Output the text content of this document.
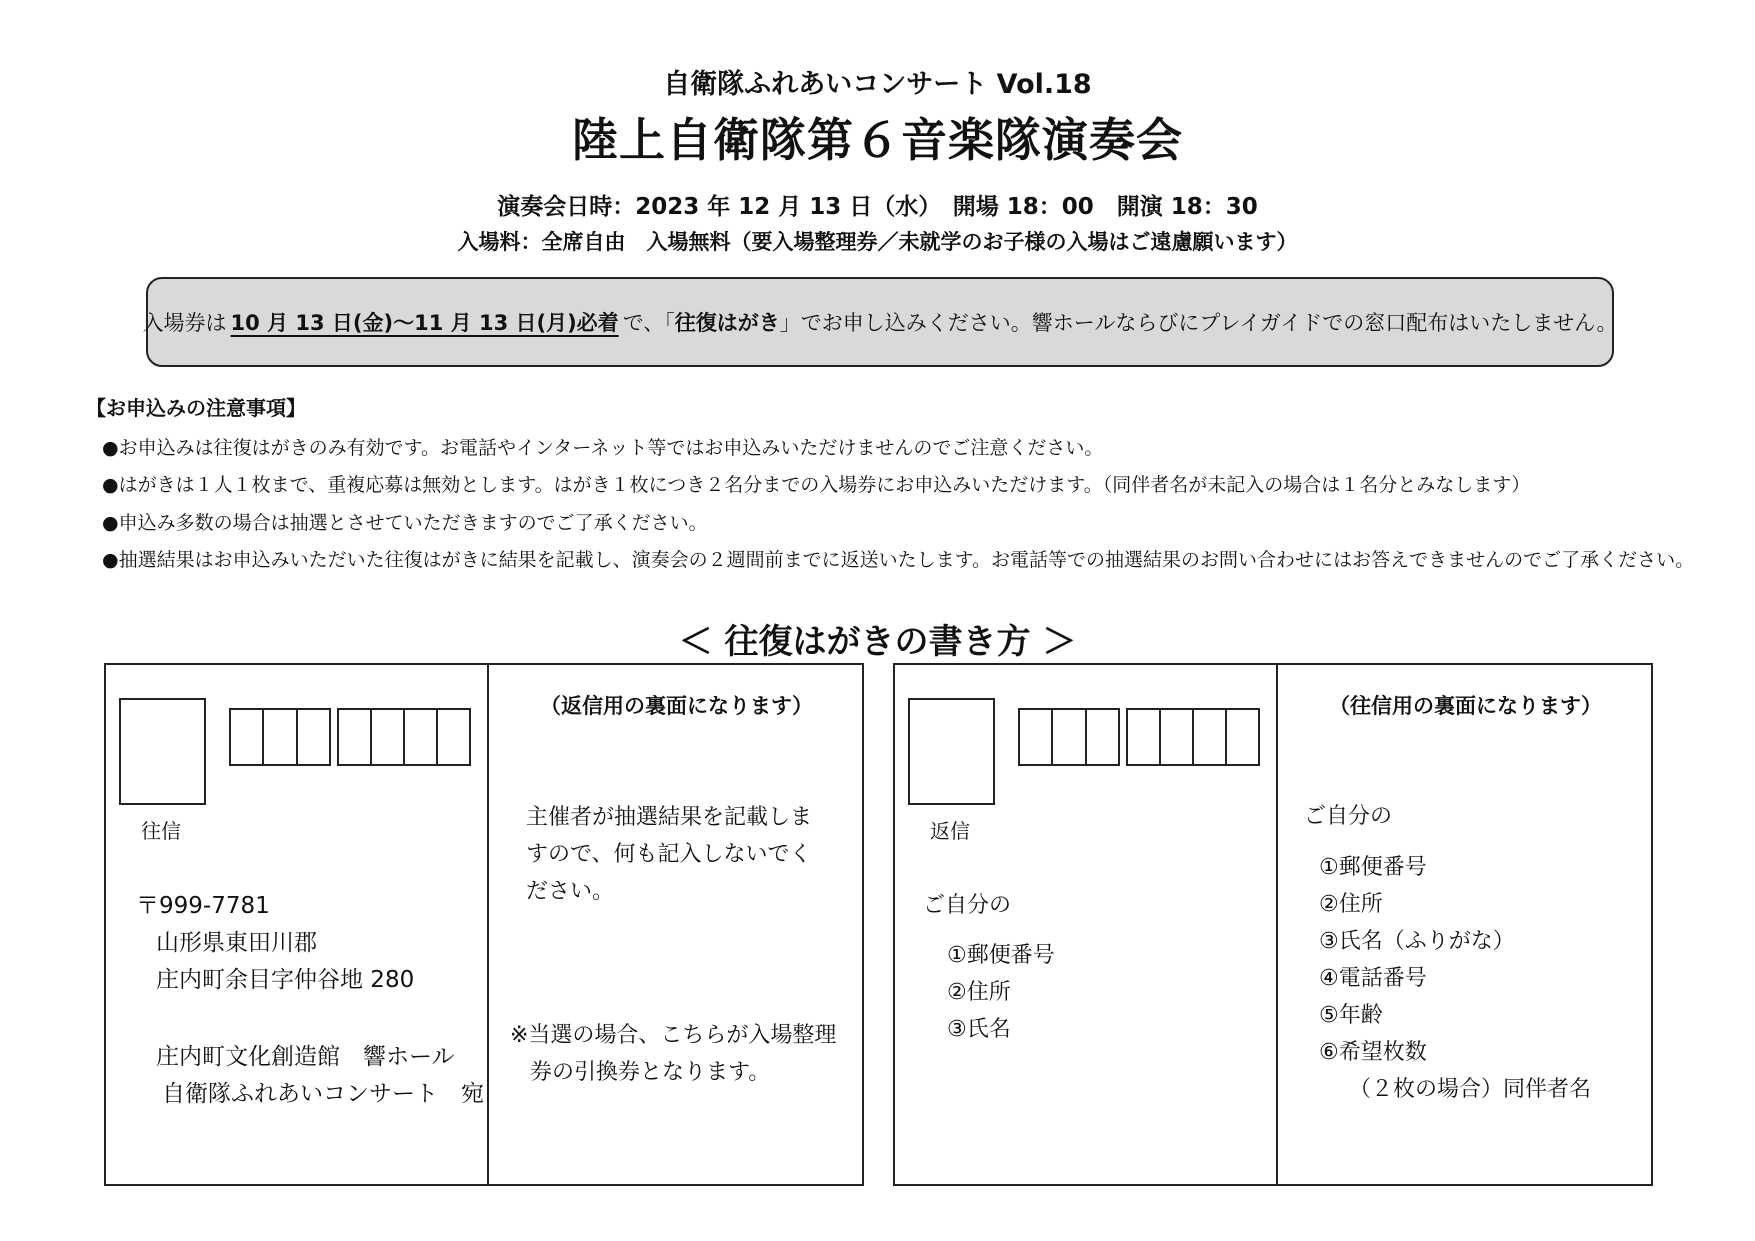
自衛隊ふれあいコンサート Vol.18
陸上自衛隊第６音楽隊演奏会
演奏会日時：2023 年 12 月 13 日（水）　開場 18：00　開演 18：30
入場料：全席自由　入場無料（要入場整理券／未就学のお子様の入場はご遠慮願います）
入場券は 10 月 13 日(金)～11 月 13 日(月)必着 で、「 往復はがき 」でお申し込みください。響ホールならびにプレイガイドでの窓口配布はいたしません。
【お申込みの注意事項】
●お申込みは往復はがきのみ有効です。お電話やインターネット等ではお申込みいただけませんのでご注意ください。
●はがきは１人１枚まで、重複応募は無効とします。はがき１枚につき２名分までの入場券にお申込みいただけます。（同伴者名が未記入の場合は１名分とみなします）
●申込み多数の場合は抽選とさせていただきますのでご了承ください。
●抽選結果はお申込みいただいた往復はがきに結果を記載し、演奏会の２週間前までに返送いたします。お電話等での抽選結果のお問い合わせにはお答えできませんのでご了承ください。
＜ 往復はがきの書き方 ＞
往信
〒999-7781
山形県東田川郡
庄内町余目字仲谷地 280
庄内町文化創造館　響ホール
自衛隊ふれあいコンサート　宛
（返信用の裏面になります）
主催者が抽選結果を記載しますので、何も記入しないでください。
※当選の場合、こちらが入場整理
券の引換券となります。
返信
ご自分の
①郵便番号
②住所
③氏名
（往信用の裏面になります）
ご自分の
①郵便番号
②住所
③氏名（ふりがな）
④電話番号
⑤年齢
⑥希望枚数
（２枚の場合）同伴者名
